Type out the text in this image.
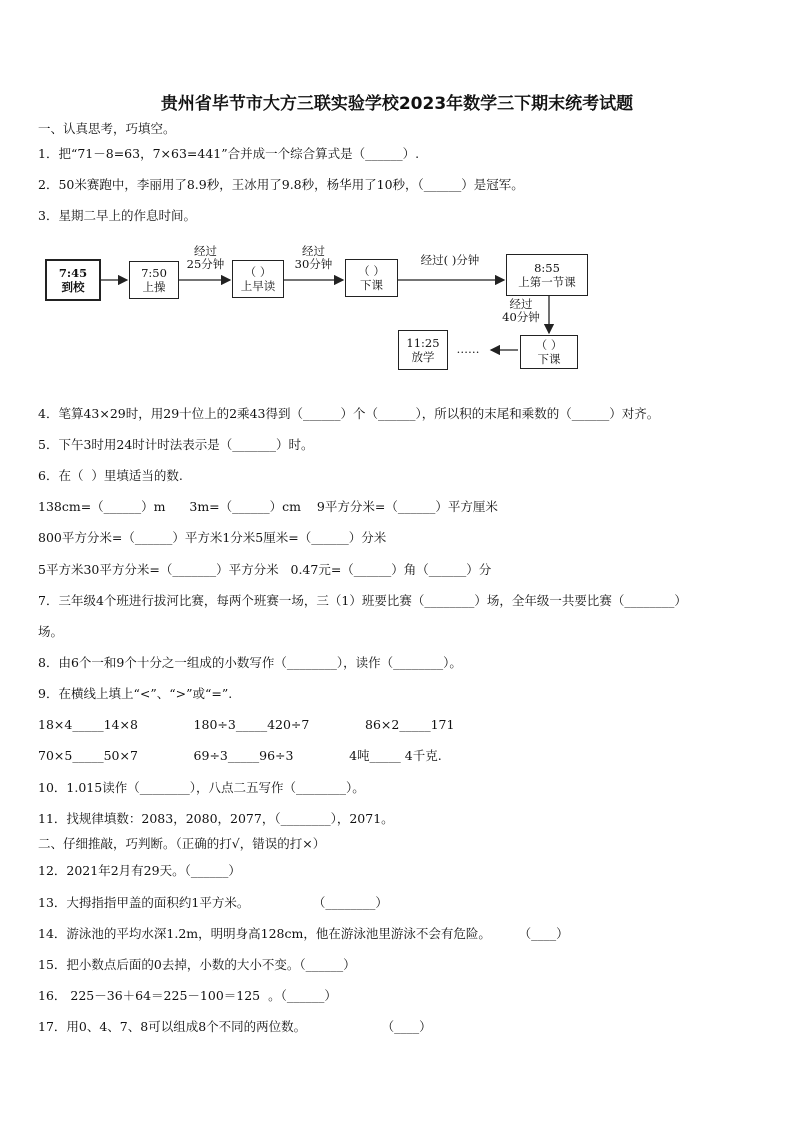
贵州省毕节市大方三联实验学校2023年数学三下期末统考试题
一、认真思考，巧填空。
1．把“71－8=63，7×63=441”合并成一个综合算式是（______）.
2．50米赛跑中，李丽用了8.9秒，王冰用了9.8秒，杨华用了10秒，（______）是冠军。
3．星期二早上的作息时间。
7:45
到校
7:50
上操
经过
25分钟
（ ）
上早读
经过
30分钟	（ ）
下课
经过( )分钟
8:55
上第一节课
经过
40分钟
（ ）
下课
……
11:25
放学
4．笔算43×29时，用29十位上的2乘43得到（______）个（______），所以积的末尾和乘数的（______）对齐。
5．下午3时用24时计时法表示是（_______）时。
6．在（  ）里填适当的数.
138cm=（______）m      3m=（______）cm    9平方分米=（______）平方厘米
800平方分米=（______）平方米1分米5厘米=（______）分米
5平方米30平方分米=（_______）平方分米   0.47元=（______）角（______）分
7．三年级4个班进行拔河比赛，每两个班赛一场，三（1）班要比赛（________）场，全年级一共要比赛（________）
场。
8．由6个一和9个十分之一组成的小数写作（________），读作（________）。
9．在横线上填上“<”、“>”或“=”.
18×4_____14×8              180÷3_____420÷7              86×2_____171
70×5_____50×7              69÷3_____96÷3              4吨_____ 4千克.
10．1.015读作（________），八点二五写作（________）。
11．找规律填数：2083，2080，2077，（________），2071。
二、仔细推敲，巧判断。（正确的打√，错误的打×）
12．2021年2月有29天。（______）
13．大拇指指甲盖的面积约1平方米。                （________）
14．游泳池的平均水深1.2m，明明身高128cm，他在游泳池里游泳不会有危险。       （____）
15．把小数点后面的0去掉，小数的大小不变。（______）
16． 225－36＋64＝225－100＝125  。（______）
17．用0、4、7、8可以组成8个不同的两位数。                   （____）
